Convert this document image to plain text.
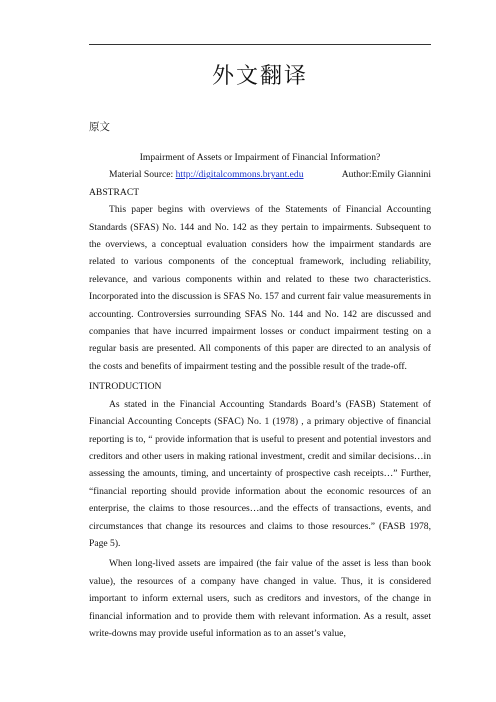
外文翻译
原文

Impairment of Assets or Impairment of Financial Information?

Material Source: http://digitalcommons.bryant.edu	Author:Emily Giannini

ABSTRACT

This paper begins with overviews of the Statements of Financial Accounting Standards (SFAS) No. 144 and No. 142 as they pertain to impairments. Subsequent to the overviews, a conceptual evaluation considers how the impairment standards are related to various components of the conceptual framework, including reliability, relevance, and various components within and related to these two characteristics. Incorporated into the discussion is SFAS No. 157 and current fair value measurements in accounting. Controversies surrounding SFAS No. 144 and No. 142 are discussed and companies that have incurred impairment losses or conduct impairment testing on a regular basis are presented. All components of this paper are directed to an analysis of the costs and benefits of impairment testing and the possible result of the trade-off.

INTRODUCTION

As stated in the Financial Accounting Standards Board’s (FASB) Statement of Financial Accounting Concepts (SFAC) No. 1 (1978) , a primary objective of financial reporting is to, “ provide information that is useful to present and potential investors and creditors and other users in making rational investment, credit and similar decisions…in assessing the amounts, timing, and uncertainty of prospective cash receipts…” Further, “financial reporting should provide information about the economic resources of an enterprise, the claims to those resources…and the effects of transactions, events, and circumstances that change its resources and claims to those resources.” (FASB 1978, Page 5).

When long-lived assets are impaired (the fair value of the asset is less than book value), the resources of a company have changed in value. Thus, it is considered important to inform external users, such as creditors and investors, of the change in financial information and to provide them with relevant information. As a result, asset write-downs may provide useful information as to an asset’s value,
